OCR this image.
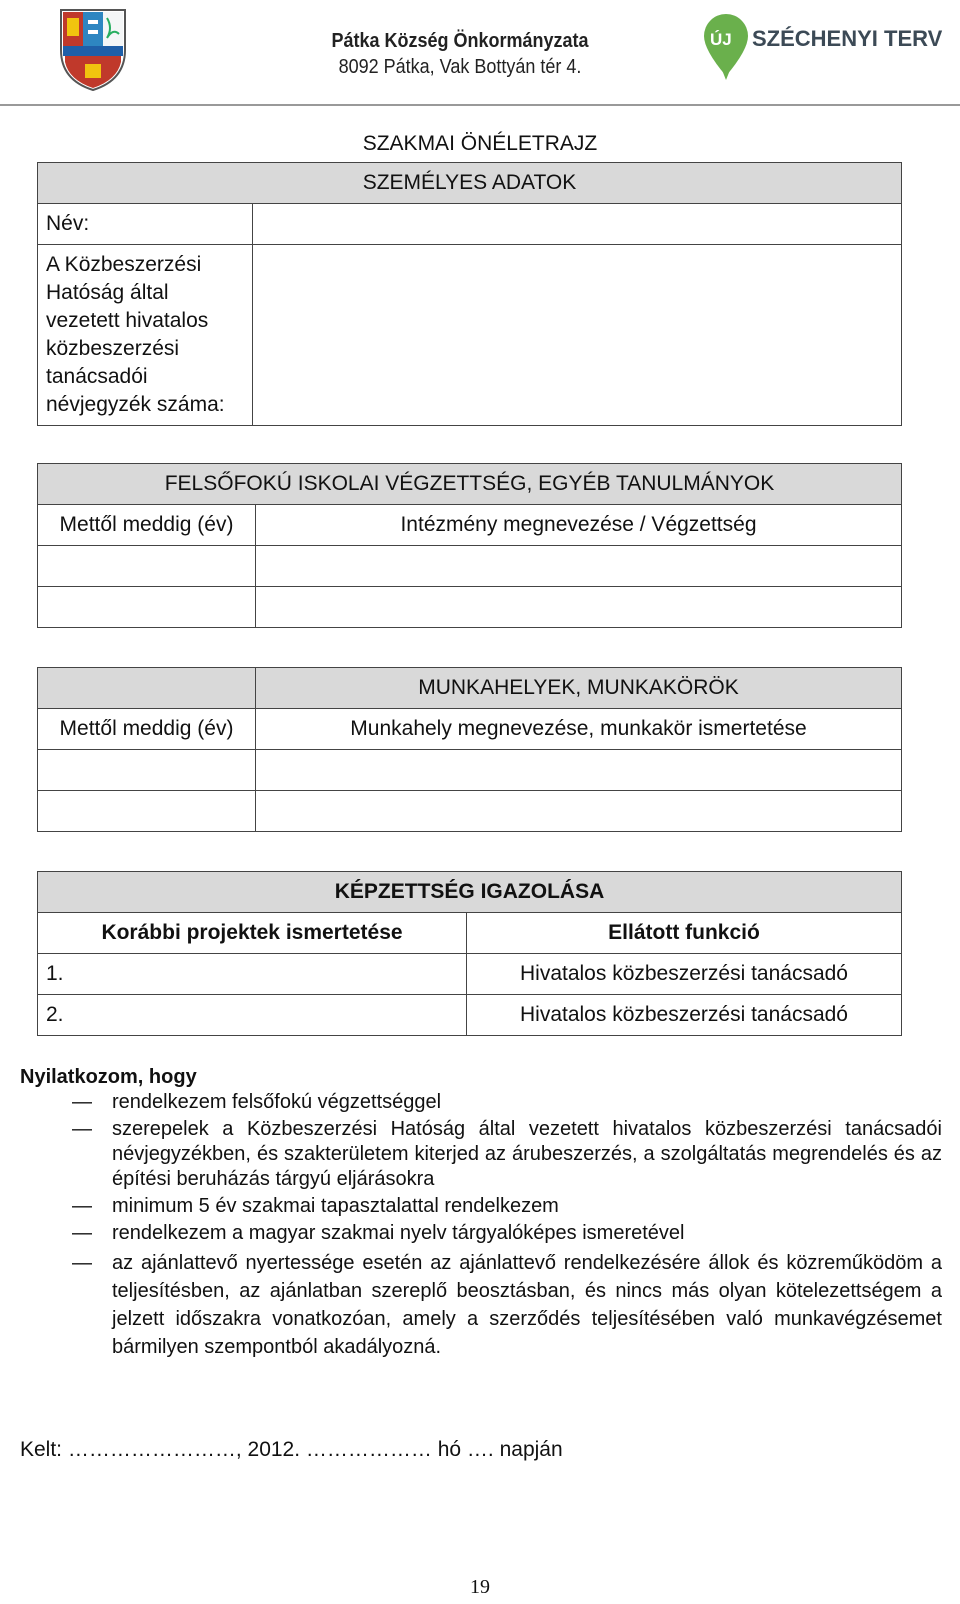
Pátka Község Önkormányzata
8092 Pátka, Vak Bottyán tér 4.
ÚJ SZÉCHENYI TERV
SZAKMAI ÖNÉLETRAJZ
SZEMÉLYES ADATOK	
Név:	
A Közbeszerzési Hatóság által vezetett hivatalos közbeszerzési tanácsadói névjegyzék száma:	
FELSŐFOKÚ ISKOLAI VÉGZETTSÉG, EGYÉB TANULMÁNYOK	
Mettől meddig (év)	Intézmény megnevezése / Végzettség

	MUNKAHELYEK, MUNKAKÖRÖK
Mettől meddig (év)	Munkahely megnevezése, munkakör ismertetése

KÉPZETTSÉG IGAZOLÁSA	
Korábbi projektek ismertetése	Ellátott funkció
1.	Hivatalos közbeszerzési tanácsadó
2.	Hivatalos közbeszerzési tanácsadó
Nyilatkozom, hogy
—	rendelkezem felsőfokú végzettséggel
—	szerepelek a Közbeszerzési Hatóság által vezetett hivatalos közbeszerzési tanácsadói névjegyzékben, és szakterületem kiterjed az árubeszerzés, a szolgáltatás megrendelés és az építési beruházás tárgyú eljárásokra
—	minimum 5 év szakmai tapasztalattal rendelkezem
—	rendelkezem a magyar szakmai nyelv tárgyalóképes ismeretével
—	az ajánlattevő nyertessége esetén az ajánlattevő rendelkezésére állok és közreműködöm a teljesítésben, az ajánlatban szereplő beosztásban, és nincs más olyan kötelezettségem a jelzett időszakra vonatkozóan, amely a szerződés teljesítésében való munkavégzésemet bármilyen szempontból akadályozná.
Kelt: ……………………, 2012. ……………… hó …. napján
19
